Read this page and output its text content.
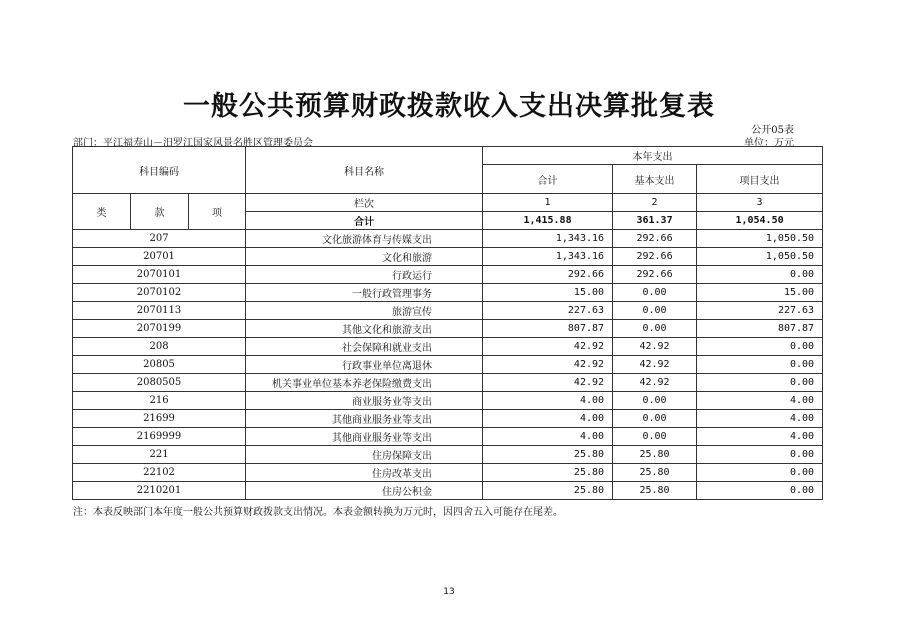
一般公共预算财政拨款收入支出决算批复表
公开05表
部门：平江福寿山－汨罗江国家风景名胜区管理委员会	单位：万元
科目编码			科目名称	本年支出		
				合计	基本支出	项目支出
类	款	项	栏次	1	2	3
			合计	1,415.88	361.37	1,054.50
207			文化旅游体育与传媒支出	1,343.16	292.66	1,050.50
20701			文化和旅游	1,343.16	292.66	1,050.50
2070101			行政运行	292.66	292.66	0.00
2070102			一般行政管理事务	15.00	0.00	15.00
2070113			旅游宣传	227.63	0.00	227.63
2070199			其他文化和旅游支出	807.87	0.00	807.87
208			社会保障和就业支出	42.92	42.92	0.00
20805			行政事业单位离退休	42.92	42.92	0.00
2080505			机关事业单位基本养老保险缴费支出	42.92	42.92	0.00
216			商业服务业等支出	4.00	0.00	4.00
21699			其他商业服务业等支出	4.00	0.00	4.00
2169999			其他商业服务业等支出	4.00	0.00	4.00
221			住房保障支出	25.80	25.80	0.00
22102			住房改革支出	25.80	25.80	0.00
2210201			住房公积金	25.80	25.80	0.00
注：本表反映部门本年度一般公共预算财政拨款支出情况。本表金额转换为万元时，因四舍五入可能存在尾差。
13
